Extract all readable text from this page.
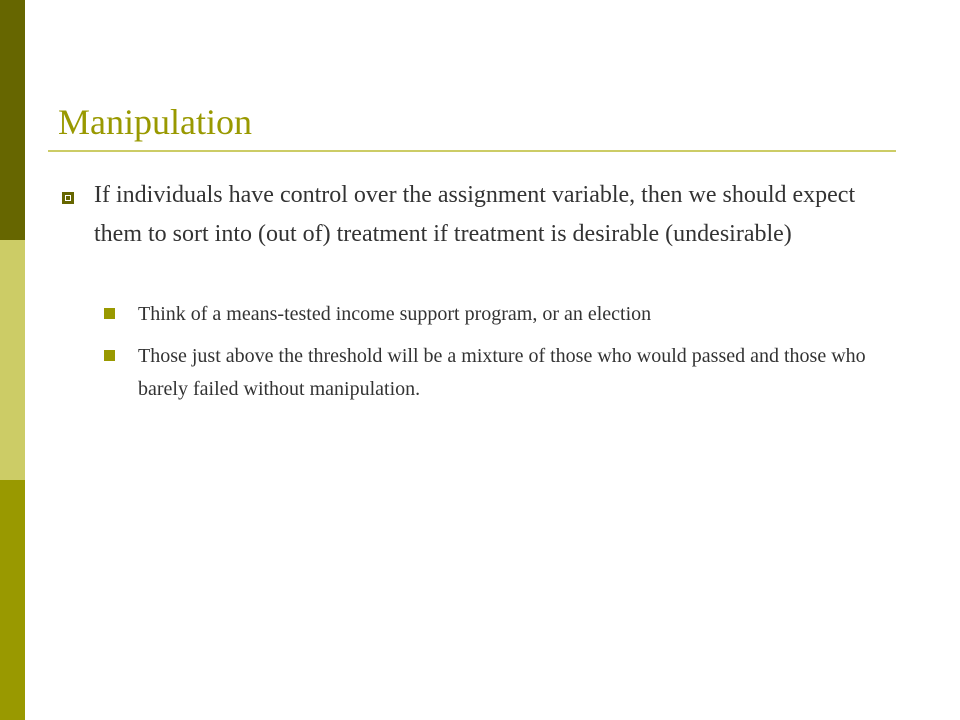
Manipulation
If individuals have control over the assignment variable, then we should expect them to sort into (out of) treatment if treatment is desirable (undesirable)
Think of a means-tested income support program, or an election
Those just above the threshold will be a mixture of those who would passed and those who barely failed without manipulation.
